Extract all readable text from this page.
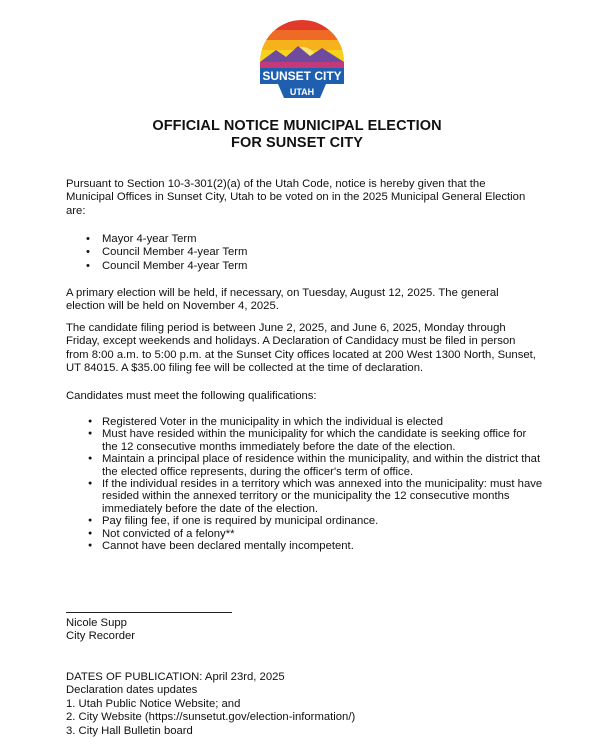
SUNSET CITY
UTAH
OFFICIAL NOTICE MUNICIPAL ELECTION
FOR SUNSET CITY
Pursuant to Section 10-3-301(2)(a) of the Utah Code, notice is hereby given that the Municipal Offices in Sunset City, Utah to be voted on in the 2025 Municipal General Election are:
• Mayor 4-year Term
• Council Member 4-year Term
• Council Member 4-year Term
A primary election will be held, if necessary, on Tuesday, August 12, 2025. The general election will be held on November 4, 2025.
The candidate filing period is between June 2, 2025, and June 6, 2025, Monday through Friday, except weekends and holidays. A Declaration of Candidacy must be filed in person from 8:00 a.m. to 5:00 p.m. at the Sunset City offices located at 200 West 1300 North, Sunset, UT 84015. A $35.00 filing fee will be collected at the time of declaration.
Candidates must meet the following qualifications:
● Registered Voter in the municipality in which the individual is elected
● Must have resided within the municipality for which the candidate is seeking office for the 12 consecutive months immediately before the date of the election.
● Maintain a principal place of residence within the municipality, and within the district that the elected office represents, during the officer's term of office.
● If the individual resides in a territory which was annexed into the municipality: must have resided within the annexed territory or the municipality the 12 consecutive months immediately before the date of the election.
● Pay filing fee, if one is required by municipal ordinance.
● Not convicted of a felony**
● Cannot have been declared mentally incompetent.
Nicole Supp
City Recorder
DATES OF PUBLICATION: April 23rd, 2025
Declaration dates updates
1. Utah Public Notice Website; and
2. City Website (https://sunsetut.gov/election-information/)
3. City Hall Bulletin board
